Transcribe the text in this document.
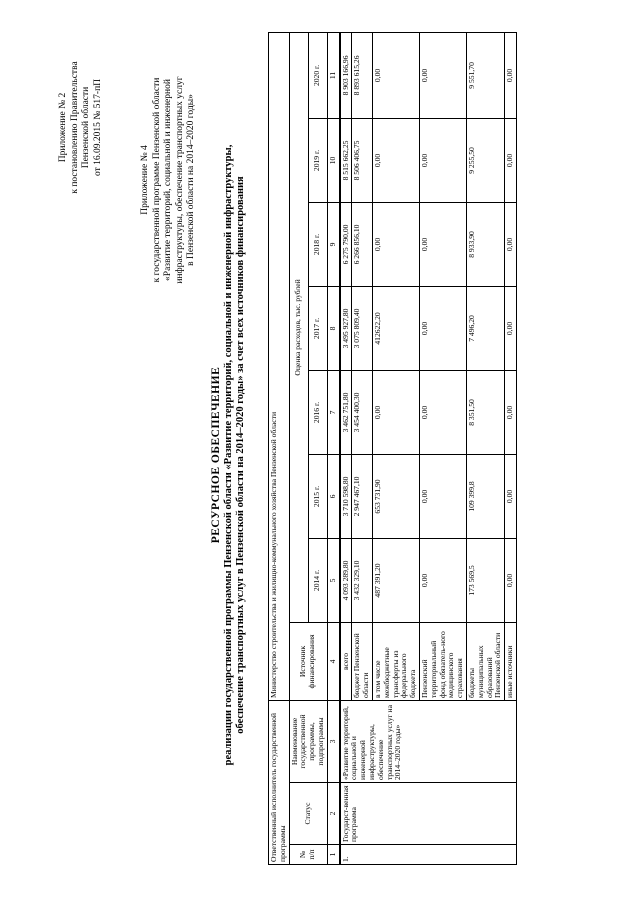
Приложение № 2 к постановлению Правительства Пензенской области от 16.09.2015 № 517-пП
Приложение № 4 к государственной программе Пензенской области «Развитие территорий, социальной и инженерной инфраструктуры, обеспечение транспортных услуг в Пензенской области на 2014–2020 годы»
РЕСУРСНОЕ ОБЕСПЕЧЕНИЕ реализации государственной программы Пензенской области «Развитие территорий, социальной и инженерной инфраструктуры, обеспечение транспортных услуг в Пензенской области на 2014–2020 годы» за счет всех источников финансирования
Ответственный исполнитель государственной программы			Министерство строительства и жилищно-коммунального хозяйства Пензенской области							
№ п/п	Статус	Наименование государственной программы, подпрограммы	Источник финансирования	Оценка расходов, тыс. рублей						
				2014 г.	2015 г.	2016 г.	2017 г.	2018 г.	2019 г.	2020 г.
1	2	3	4	5	6	7	8	9	10	11
1.	Государст-венная программа	«Развитие территорий, социальной и инженерной инфраструктуры, обеспечение транспортных услуг на 2014–2020 годы»	всего	4 093 289,80	3 710 598,80	3 462 751,80	3 495 927,80	6 275 790,00	8 515 662,25	8 903 166,96
			бюджет Пензенской области	3 432 329,10	2 947 467,10	3 454 400,30	3 075 809,40	6 266 856,10	8 506 406,75	8 893 615,26
			в том числе межбюджетные трансферты из федерального бюджета	487 391,20	653 731,90	0,00	412622,20	0,00	0,00	0,00
			Пензенский территориальный фонд обязатель-ного медицинского страхования	0,00	0,00	0,00	0,00	0,00	0,00	0,00
			бюджеты муниципальных образований Пензенской области	173 569,5	109 399,8	8 351,50	7 496,20	8 933,90	9 255,50	9 551,70
			иные источники	0,00	0,00	0,00	0,00	0,00	0,00	0,00
